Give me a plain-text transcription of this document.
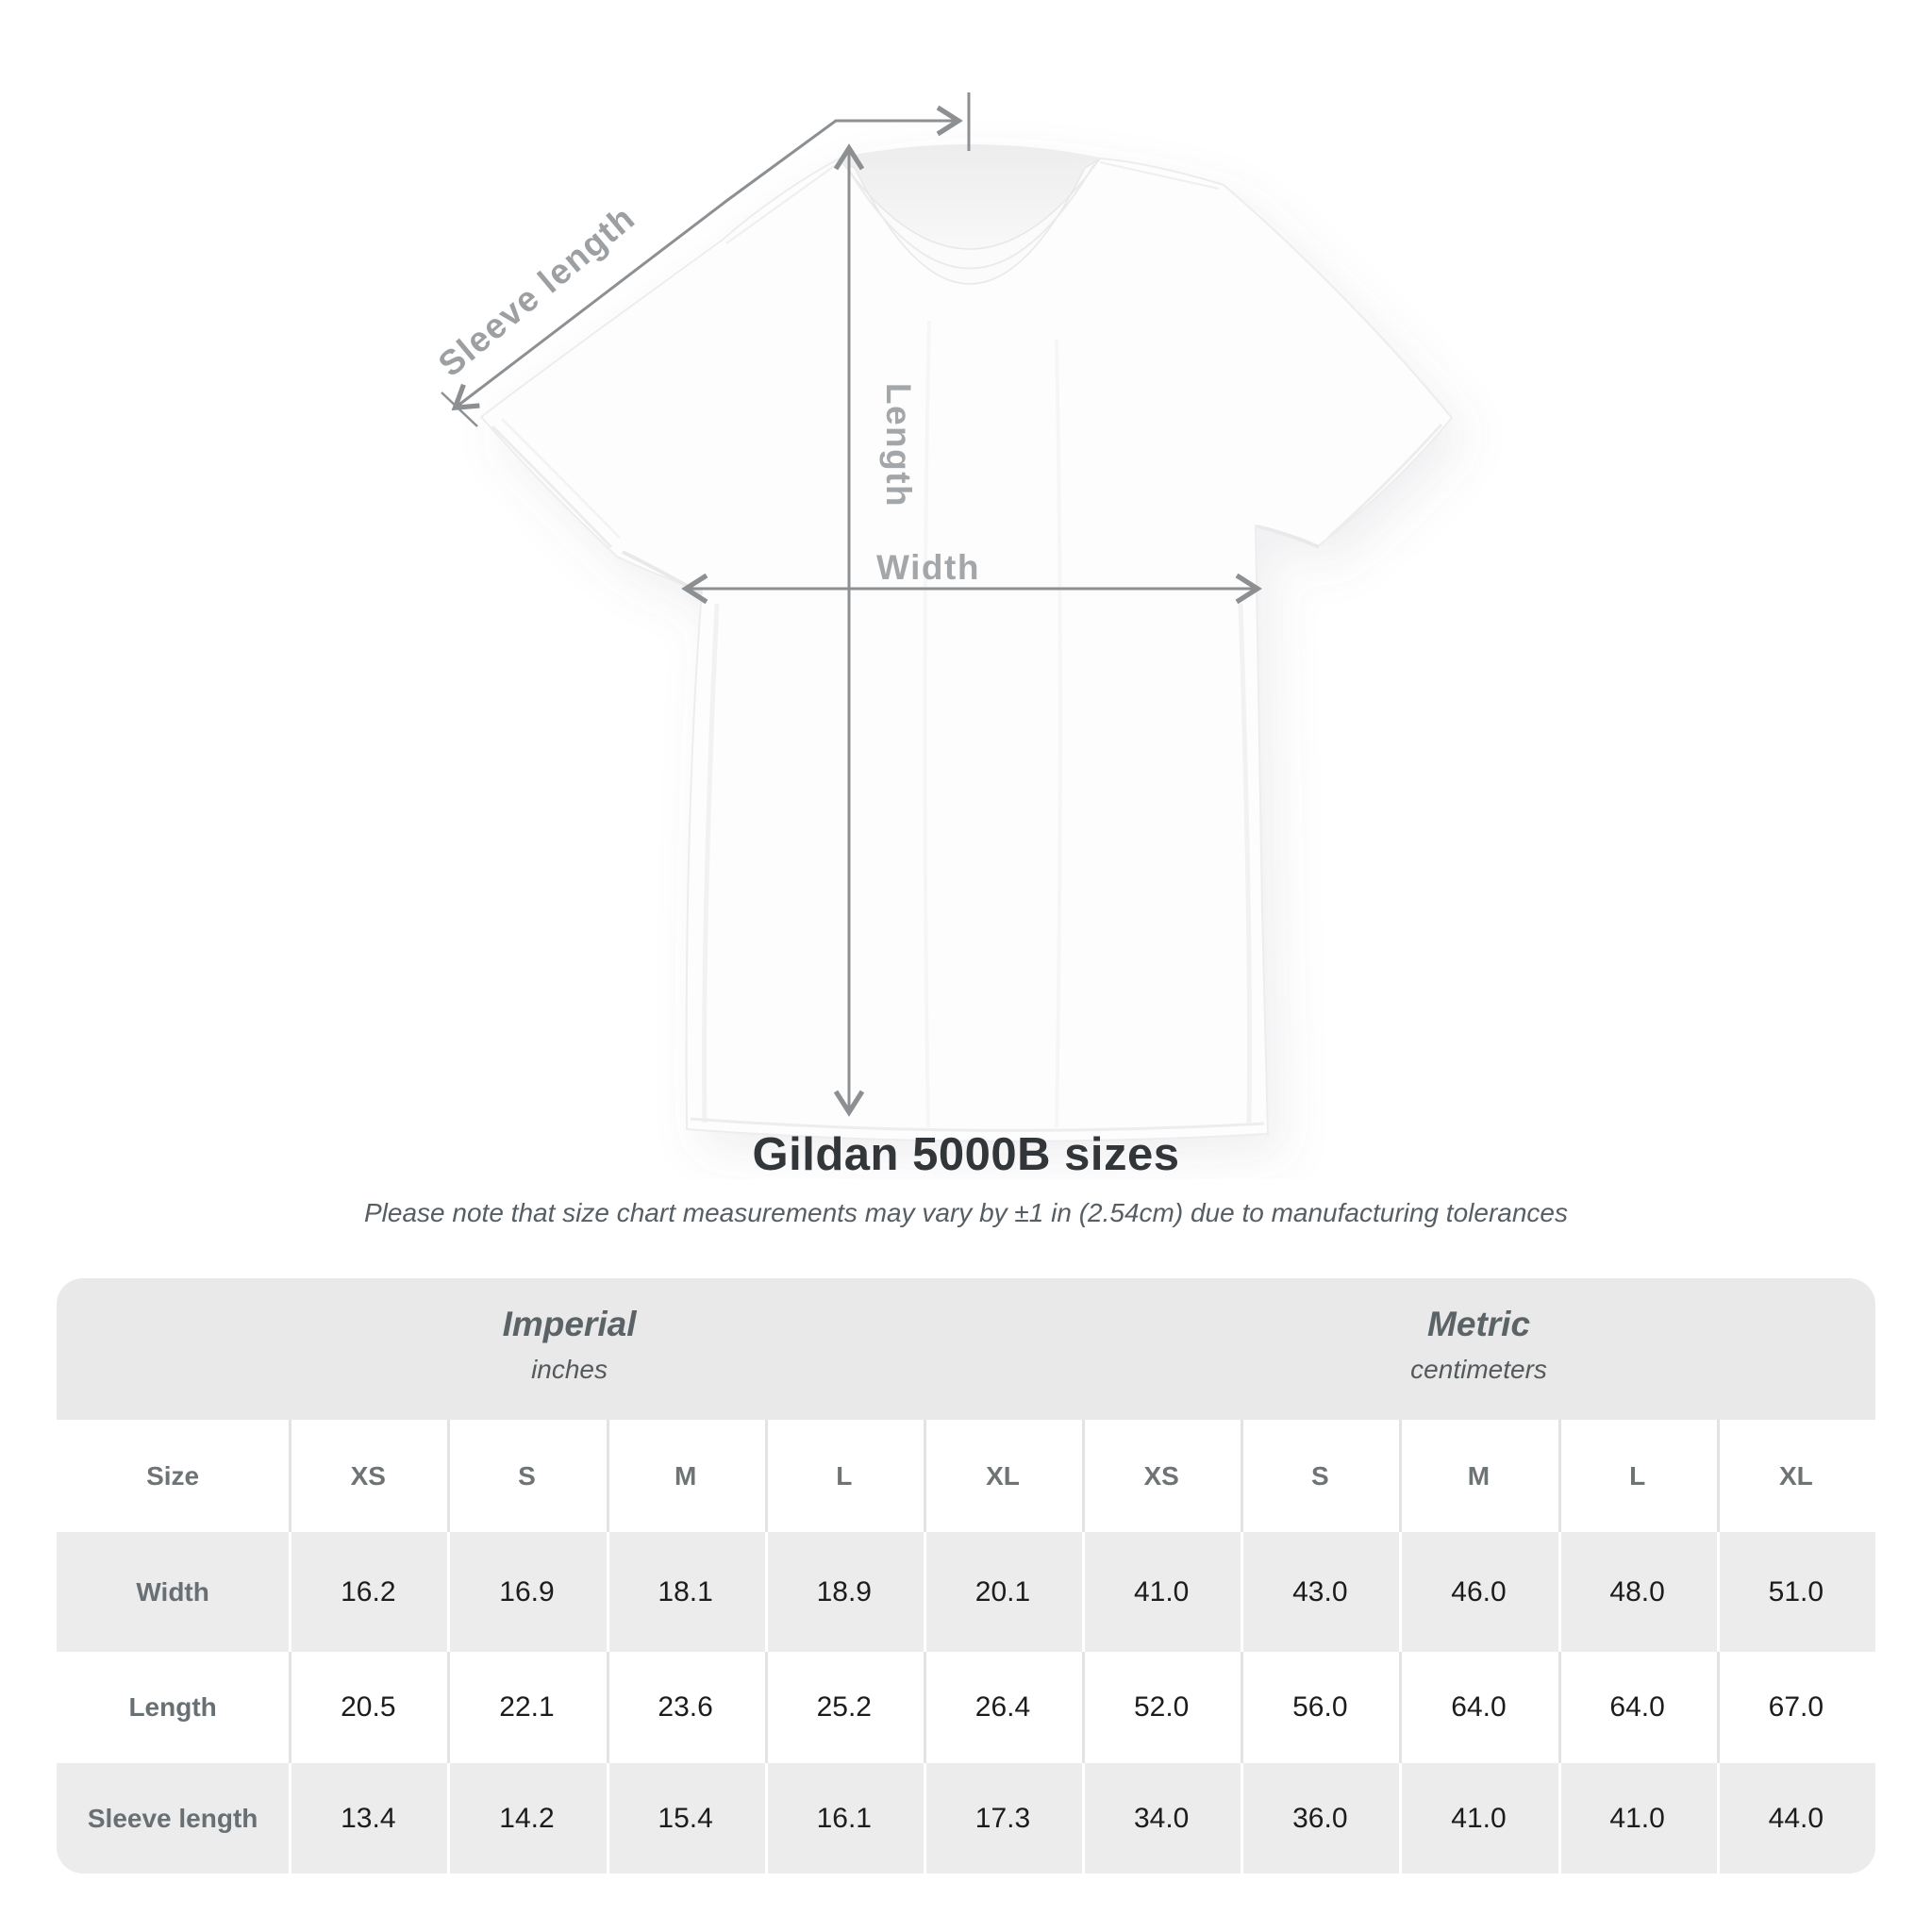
Sleeve length
Length
Width
Gildan 5000B sizes
Please note that size chart measurements may vary by ±1 in (2.54cm) due to manufacturing tolerances
Imperial
inches

Metric
centimeters

Size	XS	S	M	L	XL	XS	S	M	L	XL
Width	16.2	16.9	18.1	18.9	20.1	41.0	43.0	46.0	48.0	51.0
Length	20.5	22.1	23.6	25.2	26.4	52.0	56.0	64.0	64.0	67.0
Sleeve length	13.4	14.2	15.4	16.1	17.3	34.0	36.0	41.0	41.0	44.0
